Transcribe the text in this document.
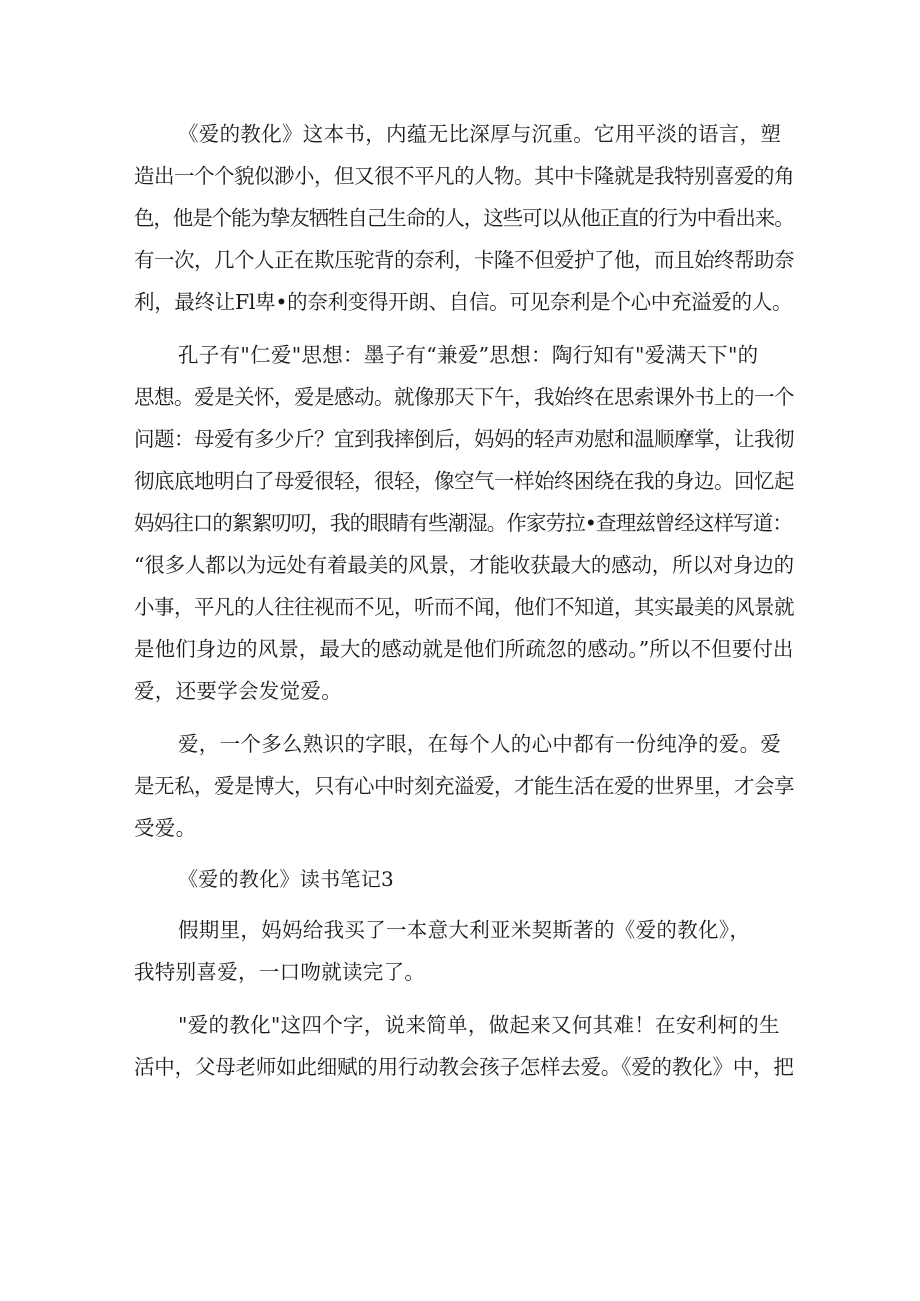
《爱的教化》这本书，内蕴无比深厚与沉重。它用平淡的语言，塑
造出一个个貌似渺小，但又很不平凡的人物。其中卡隆就是我特别喜爱的角
色，他是个能为挚友牺牲自己生命的人，这些可以从他正直的行为中看出来。
有一次，几个人正在欺压驼背的奈利，卡隆不但爱护了他，而且始终帮助奈
利，最终让Fl卑•的奈利变得开朗、自信。可见奈利是个心中充溢爱的人。
孔子有"仁爱"思想：墨子有“兼爱”思想：陶行知有"爱满天下"的
思想。爱是关怀，爱是感动。就像那天下午，我始终在思索课外书上的一个
问题：母爱有多少斤？宜到我摔倒后，妈妈的轻声劝慰和温顺摩掌，让我彻
彻底底地明白了母爱很轻，很轻，像空气一样始终困绕在我的身边。回忆起
妈妈往口的絮絮叨叨，我的眼睛有些潮湿。作家劳拉•查理兹曾经这样写道：
“很多人都以为远处有着最美的风景，才能收获最大的感动，所以对身边的
小事，平凡的人往往视而不见，听而不闻，他们不知道，其实最美的风景就
是他们身边的风景，最大的感动就是他们所疏忽的感动。”所以不但要付出
爱，还要学会发觉爱。
爱，一个多么熟识的字眼，在每个人的心中都有一份纯净的爱。爱
是无私，爱是博大，只有心中时刻充溢爱，才能生活在爱的世界里，才会享
受爱。
《爱的教化》读书笔记3
假期里，妈妈给我买了一本意大利亚米契斯著的《爱的教化》，
我特别喜爱，一口吻就读完了。
"爱的教化"这四个字，说来简单，做起来又何其难！在安利柯的生
活中，父母老师如此细赋的用行动教会孩子怎样去爱。《爱的教化》中，把
